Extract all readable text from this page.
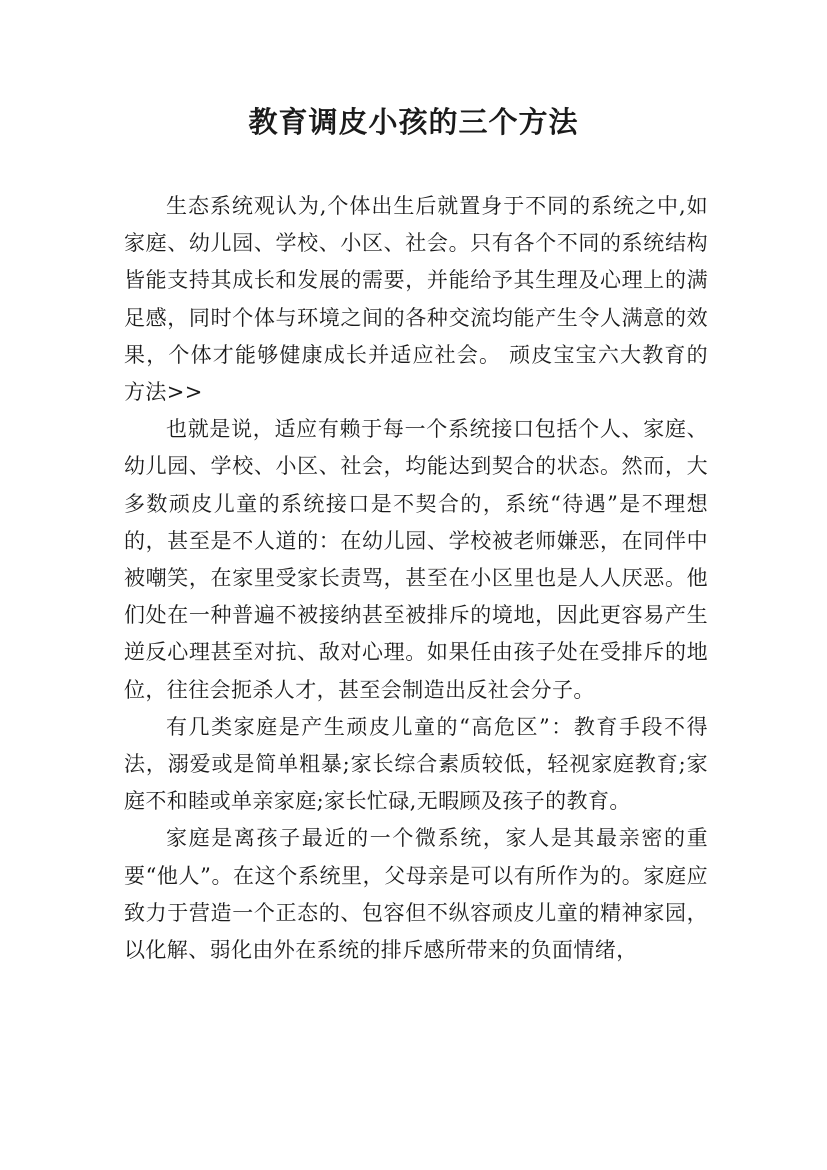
教育调皮小孩的三个方法

生态系统观认为,个体出生后就置身于不同的系统之中,如家庭、幼儿园、学校、小区、社会。只有各个不同的系统结构皆能支持其成长和发展的需要，并能给予其生理及心理上的满足感，同时个体与环境之间的各种交流均能产生令人满意的效果，个体才能够健康成长并适应社会。 顽皮宝宝六大教育的方法>>

也就是说，适应有赖于每一个系统接口包括个人、家庭、幼儿园、学校、小区、社会，均能达到契合的状态。然而，大多数顽皮儿童的系统接口是不契合的，系统“待遇”是不理想的，甚至是不人道的：在幼儿园、学校被老师嫌恶，在同伴中被嘲笑，在家里受家长责骂，甚至在小区里也是人人厌恶。他们处在一种普遍不被接纳甚至被排斥的境地，因此更容易产生逆反心理甚至对抗、敌对心理。如果任由孩子处在受排斥的地位，往往会扼杀人才，甚至会制造出反社会分子。

有几类家庭是产生顽皮儿童的“高危区”：教育手段不得法，溺爱或是简单粗暴;家长综合素质较低，轻视家庭教育;家庭不和睦或单亲家庭;家长忙碌,无暇顾及孩子的教育。

家庭是离孩子最近的一个微系统，家人是其最亲密的重要“他人”。在这个系统里，父母亲是可以有所作为的。家庭应致力于营造一个正态的、包容但不纵容顽皮儿童的精神家园，以化解、弱化由外在系统的排斥感所带来的负面情绪，
